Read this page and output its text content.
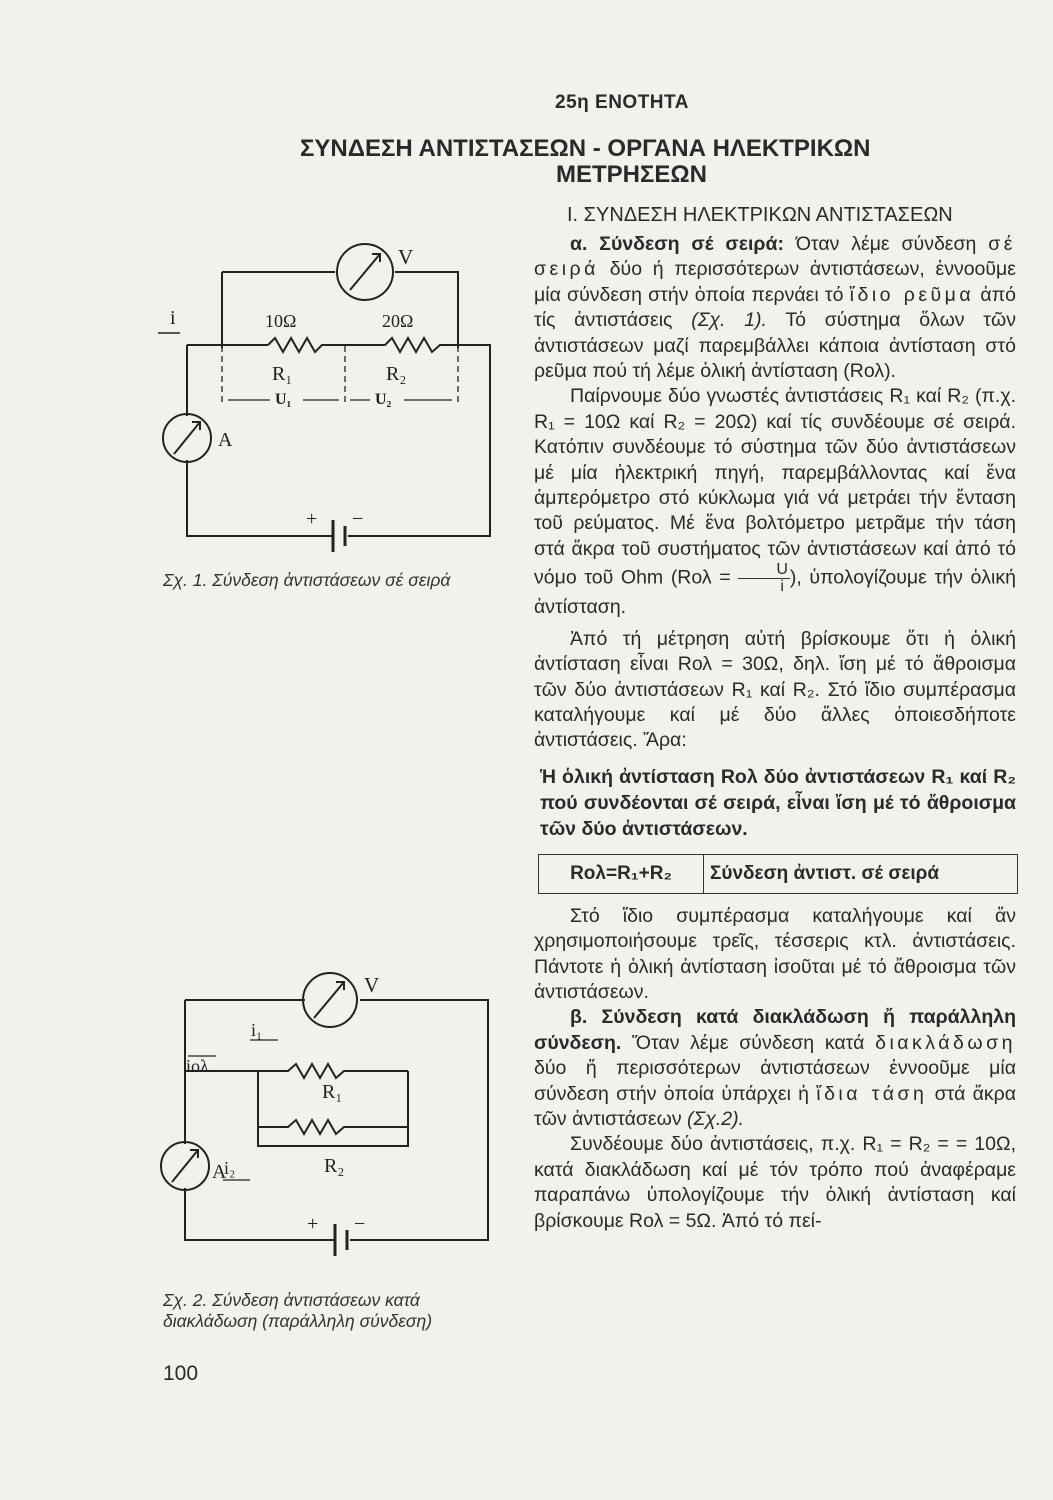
25η ΕΝΟΤΗΤΑ
ΣΥΝΔΕΣΗ ΑΝΤΙΣΤΑΣΕΩΝ - ΟΡΓΑΝΑ ΗΛΕΚΤΡΙΚΩΝ
ΜΕΤΡΗΣΕΩΝ
Ι. ΣΥΝΔΕΣΗ ΗΛΕΚΤΡΙΚΩΝ ΑΝΤΙΣΤΑΣΕΩΝ
i	10Ω	20Ω
R₁	R₂
U₁	U₂
V
A
+ −
Σχ. 1. Σύνδεση ἀντιστάσεων σέ σειρά
V
i₁
iολ
R₁
R₂
i₂
A
+ −
Σχ. 2. Σύνδεση ἀντιστάσεων κατά
διακλάδωση (παράλληλη σύνδεση)

α. Σύνδεση σέ σειρά: Όταν λέμε σύνδεση σέ σειρά δύο ή περισσότερων ἀντιστάσεων, ἐννοοῦμε μία σύνδεση στήν ὁποία περνάει τό ἴδιο ρεῦμα ἀπό τίς ἀντιστάσεις (Σχ. 1). Τό σύστημα ὅλων τῶν ἀντιστάσεων μαζί παρεμβάλλει κάποια ἀντίσταση στό ρεῦμα πού τή λέμε ὁλική ἀντίσταση (Rολ).

Παίρνουμε δύο γνωστές ἀντιστάσεις R₁ καί R₂ (π.χ. R₁ = 10Ω καί R₂ = 20Ω) καί τίς συνδέουμε σέ σειρά. Κατόπιν συνδέουμε τό σύστημα τῶν δύο ἀντιστάσεων μέ μία ἠλεκτρική πηγή, παρεμβάλλοντας καί ἕνα ἀμπερόμετρο στό κύκλωμα γιά νά μετράει τήν ἔνταση τοῦ ρεύματος. Μέ ἕνα βολτόμετρο μετρᾶμε τήν τάση στά ἄκρα τοῦ συστήματος τῶν ἀντιστάσεων καί ἀπό τό νόμο τοῦ Ohm ($Ro\lambda = \frac{U}{i}$ ), ὑπολογίζουμε τήν ὁλική ἀντίσταση.

Ἀπό τή μέτρηση αὐτή βρίσκουμε ὅτι ἡ ὁλική ἀντίσταση εἶναι Rολ = 30Ω, δηλ. ἴση μέ τό ἄθροισμα τῶν δύο ἀντιστάσεων R₁ καί R₂. Στό ἴδιο συμπέρασμα καταλήγουμε καί μέ δύο ἄλλες ὁποιεσδήποτε ἀντιστάσεις. Ἄρα:

Ἡ ὁλική ἀντίσταση Rολ δύο ἀντιστάσεων R₁ καί R₂ πού συνδέονται σέ σειρά, εἶναι ἴση μέ τό ἄθροισμα τῶν δύο ἀντιστάσεων.

Rολ=R₁+R₂	Σύνδεση ἀντιστ. σέ σειρά

Στό ἴδιο συμπέρασμα καταλήγουμε καί ἄν χρησιμοποιήσουμε τρεῖς, τέσσερις κτλ. ἀντιστάσεις. Πάντοτε ἡ ὁλική ἀντίσταση ἰσοῦται μέ τό ἄθροισμα τῶν ἀντιστάσεων.

β. Σύνδεση κατά διακλάδωση ἤ παράλληλη σύνδεση. Ὅταν λέμε σύνδεση κατά διακλάδωση δύο ἤ περισσότερων ἀντιστάσεων ἐννοοῦμε μία σύνδεση στήν ὁποία ὑπάρχει ἡ ἴδια τάση στά ἄκρα τῶν ἀντιστάσεων (Σχ.2).

Συνδέουμε δύο ἀντιστάσεις, π.χ. R₁ = R₂ = = 10Ω, κατά διακλάδωση καί μέ τόν τρόπο πού ἀναφέραμε παραπάνω ὑπολογίζουμε τήν ὁλική ἀντίσταση καί βρίσκουμε Rολ = 5Ω. Ἀπό τό πεί-

100
